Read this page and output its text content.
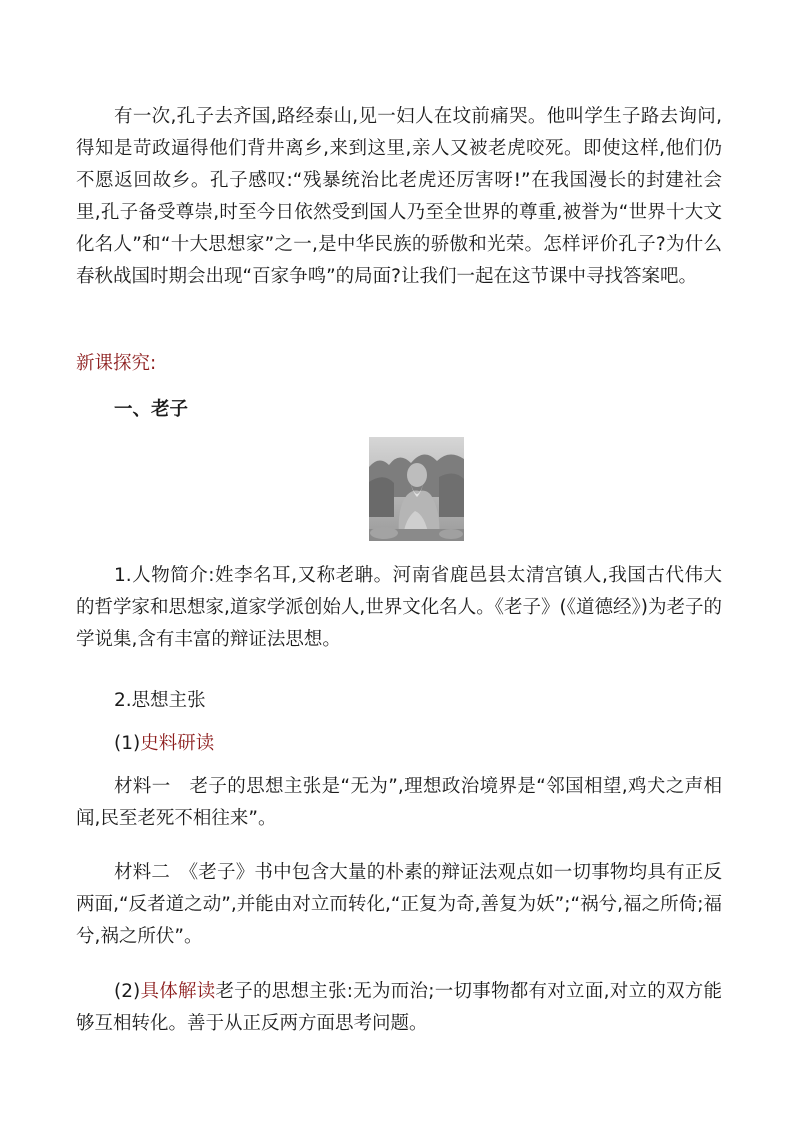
有一次,孔子去齐国,路经泰山,见一妇人在坟前痛哭。他叫学生子路去询问,得知是苛政逼得他们背井离乡,来到这里,亲人又被老虎咬死。即使这样,他们仍不愿返回故乡。孔子感叹:“残暴统治比老虎还厉害呀!”在我国漫长的封建社会里,孔子备受尊崇,时至今日依然受到国人乃至全世界的尊重,被誉为“世界十大文化名人”和“十大思想家”之一,是中华民族的骄傲和光荣。怎样评价孔子?为什么春秋战国时期会出现“百家争鸣”的局面?让我们一起在这节课中寻找答案吧。

新课探究:

一、老子

1.人物简介:姓李名耳,又称老聃。河南省鹿邑县太清宫镇人,我国古代伟大的哲学家和思想家,道家学派创始人,世界文化名人。《老子》(《道德经》)为老子的学说集,含有丰富的辩证法思想。

2.思想主张

(1)史料研读

材料一　老子的思想主张是“无为”,理想政治境界是“邻国相望,鸡犬之声相闻,民至老死不相往来”。

材料二　《老子》书中包含大量的朴素的辩证法观点如一切事物均具有正反两面,“反者道之动”,并能由对立而转化,“正复为奇,善复为妖”;“祸兮,福之所倚;福兮,祸之所伏”。

(2)具体解读老子的思想主张:无为而治;一切事物都有对立面,对立的双方能够互相转化。善于从正反两方面思考问题。
